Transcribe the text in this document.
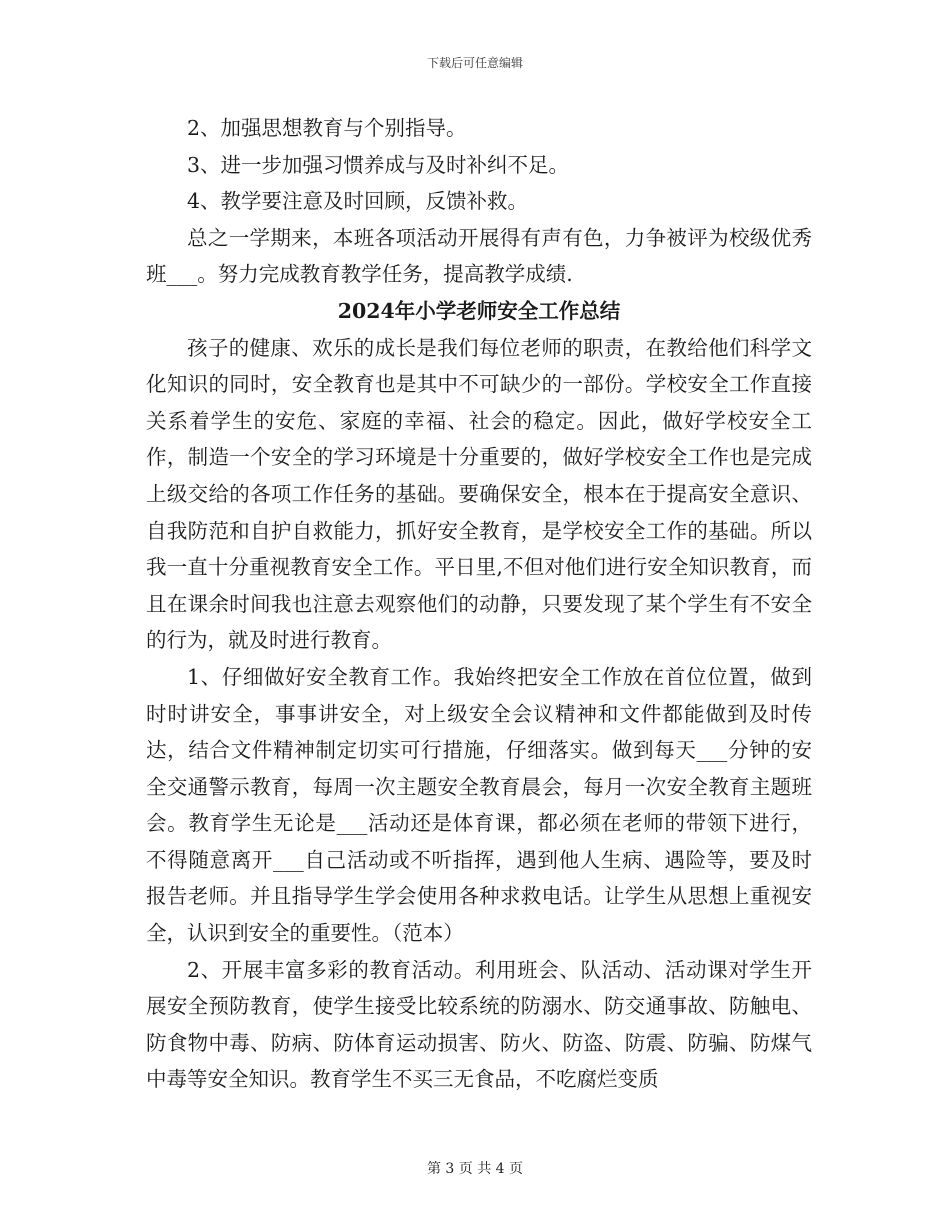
下载后可任意编辑

2、加强思想教育与个别指导。

3、进一步加强习惯养成与及时补纠不足。

4、教学要注意及时回顾，反馈补救。

总之一学期来，本班各项活动开展得有声有色，力争被评为校级优秀班___。努力完成教育教学任务，提高教学成绩.

2024年小学老师安全工作总结

孩子的健康、欢乐的成长是我们每位老师的职责，在教给他们科学文化知识的同时，安全教育也是其中不可缺少的一部份。学校安全工作直接关系着学生的安危、家庭的幸福、社会的稳定。因此，做好学校安全工作，制造一个安全的学习环境是十分重要的，做好学校安全工作也是完成上级交给的各项工作任务的基础。要确保安全，根本在于提高安全意识、自我防范和自护自救能力，抓好安全教育，是学校安全工作的基础。所以我一直十分重视教育安全工作。平日里,不但对他们进行安全知识教育，而且在课余时间我也注意去观察他们的动静，只要发现了某个学生有不安全的行为，就及时进行教育。

1、仔细做好安全教育工作。我始终把安全工作放在首位位置，做到时时讲安全，事事讲安全，对上级安全会议精神和文件都能做到及时传达，结合文件精神制定切实可行措施，仔细落实。做到每天___分钟的安全交通警示教育，每周一次主题安全教育晨会，每月一次安全教育主题班会。教育学生无论是___活动还是体育课，都必须在老师的带领下进行，不得随意离开___自己活动或不听指挥，遇到他人生病、遇险等，要及时报告老师。并且指导学生学会使用各种求救电话。让学生从思想上重视安全，认识到安全的重要性。（范本）

2、开展丰富多彩的教育活动。利用班会、队活动、活动课对学生开展安全预防教育，使学生接受比较系统的防溺水、防交通事故、防触电、防食物中毒、防病、防体育运动损害、防火、防盗、防震、防骗、防煤气中毒等安全知识。教育学生不买三无食品，不吃腐烂变质

第 3 页 共 4 页
